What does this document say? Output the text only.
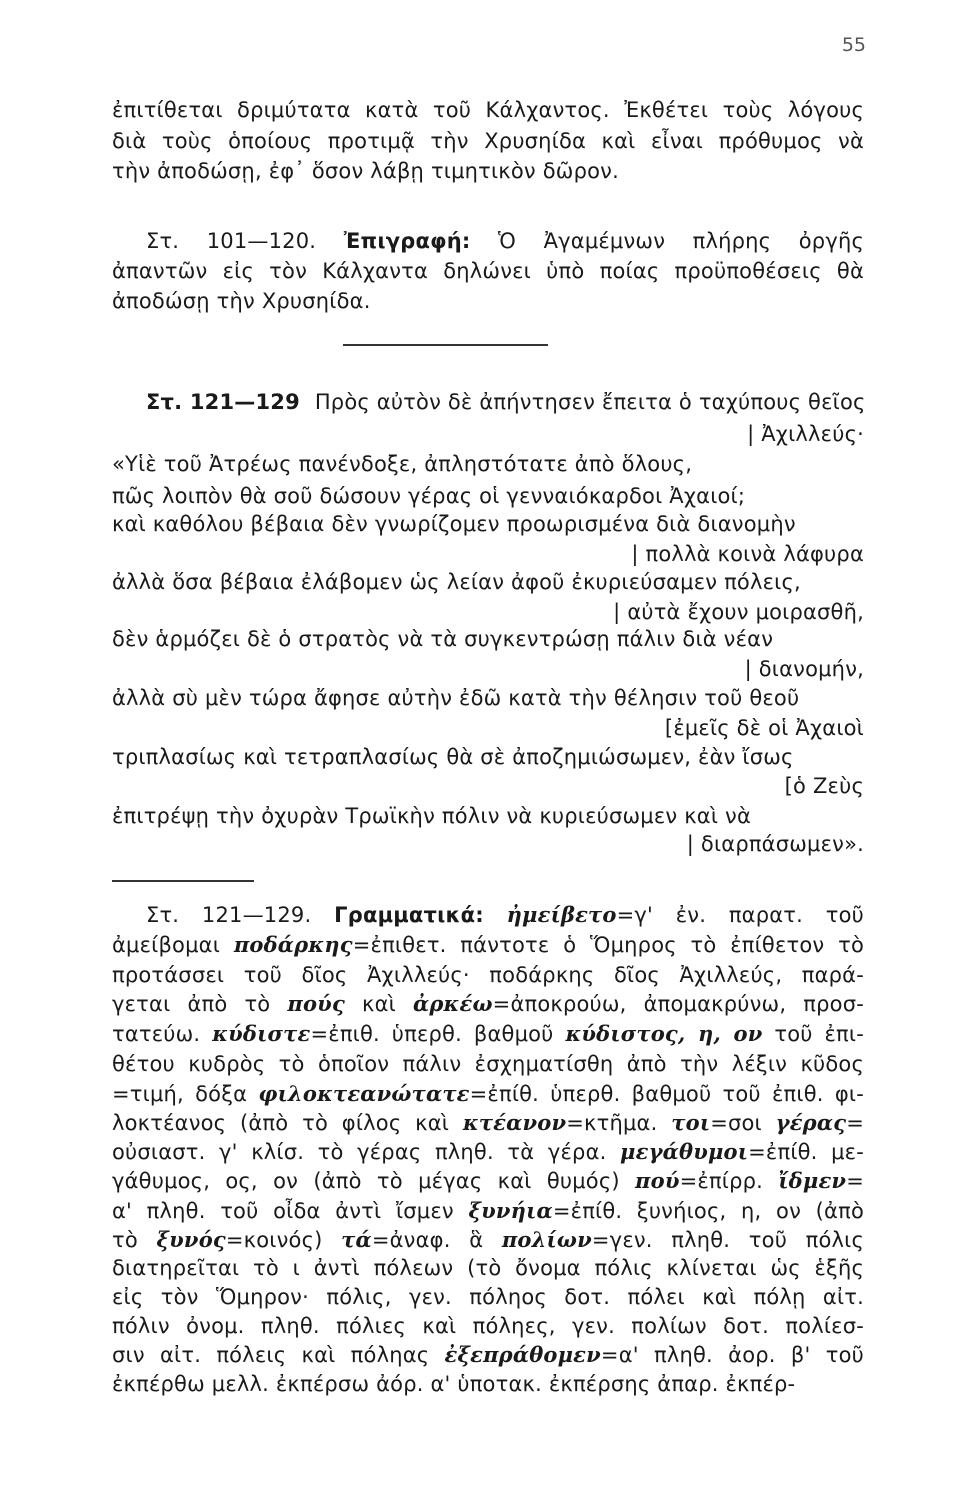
55
ἐπιτίθεται δριμύτατα κατὰ τοῦ Κάλχαντος. Ἐκθέτει τοὺς λόγους
διὰ τοὺς ὁποίους προτιμᾷ τὴν Χρυσηίδα καὶ εἶναι πρόθυμος νὰ
τὴν ἀποδώσῃ, ἐφ᾽ ὅσον λάβῃ τιμητικὸν δῶρον.
Στ. 101—120. Ἐπιγραφή: Ὁ Ἀγαμέμνων πλήρης ὀργῆς
ἀπαντῶν εἰς τὸν Κάλχαντα δηλώνει ὑπὸ ποίας προϋποθέσεις θὰ
ἀποδώσῃ τὴν Χρυσηίδα.
Στ. 121—129 Πρὸς αὐτὸν δὲ ἀπήντησεν ἔπειτα ὁ ταχύπους θεῖος
| Ἀχιλλεύς·
«Υἱὲ τοῦ Ἀτρέως πανένδοξε, ἀπληστότατε ἀπὸ ὅλους,
πῶς λοιπὸν θὰ σοῦ δώσουν γέρας οἱ γενναιόκαρδοι Ἀχαιοί;
καὶ καθόλου βέβαια δὲν γνωρίζομεν προωρισμένα διὰ διανομὴν
| πολλὰ κοινὰ λάφυρα
ἀλλὰ ὅσα βέβαια ἐλάβομεν ὡς λείαν ἀφοῦ ἐκυριεύσαμεν πόλεις,
| αὐτὰ ἔχουν μοιρασθῆ,
δὲν ἁρμόζει δὲ ὁ στρατὸς νὰ τὰ συγκεντρώσῃ πάλιν διὰ νέαν
| διανομήν,
ἀλλὰ σὺ μὲν τώρα ἄφησε αὐτὴν ἐδῶ κατὰ τὴν θέλησιν τοῦ θεοῦ
[ἐμεῖς δὲ οἱ Ἀχαιοὶ
τριπλασίως καὶ τετραπλασίως θὰ σὲ ἀποζημιώσωμεν, ἐὰν ἴσως
[ὁ Ζεὺς
ἐπιτρέψῃ τὴν ὀχυρὰν Τρωϊκὴν πόλιν νὰ κυριεύσωμεν καὶ νὰ
| διαρπάσωμεν».
Στ. 121—129. Γραμματικά: ἠμείβετο=γ' ἐν. παρατ. τοῦ
ἀμείβομαι ποδάρκης=ἐπιθετ. πάντοτε ὁ Ὅμηρος τὸ ἐπίθετον τὸ
προτάσσει τοῦ δῖος Ἀχιλλεύς· ποδάρκης δῖος Ἀχιλλεύς, παρά-
γεται ἀπὸ τὸ πούς καὶ ἀρκέω=ἀποκρούω, ἀπομακρύνω, προσ-
τατεύω. κύδιστε=ἐπιθ. ὑπερθ. βαθμοῦ κύδιστος, η, ον τοῦ ἐπι-
θέτου κυδρὸς τὸ ὁποῖον πάλιν ἐσχηματίσθη ἀπὸ τὴν λέξιν κῦδος
=τιμή, δόξα φιλοκτεανώτατε=ἐπίθ. ὑπερθ. βαθμοῦ τοῦ ἐπιθ. φι-
λοκτέανος (ἀπὸ τὸ φίλος καὶ κτέανον=κτῆμα. τοι=σοι γέρας=
οὐσιαστ. γ' κλίσ. τὸ γέρας πληθ. τὰ γέρα. μεγάθυμοι=ἐπίθ. με-
γάθυμος, ος, ον (ἀπὸ τὸ μέγας καὶ θυμός) πού=ἐπίρρ. ἴδμεν=
α' πληθ. τοῦ οἶδα ἀντὶ ἴσμεν ξυνήια=ἐπίθ. ξυνήιος, η, ον (ἀπὸ
τὸ ξυνός=κοινός) τά=ἀναφ. ἃ πολίων=γεν. πληθ. τοῦ πόλις
διατηρεῖται τὸ ι ἀντὶ πόλεων (τὸ ὄνομα πόλις κλίνεται ὡς ἑξῆς
εἰς τὸν Ὅμηρον· πόλις, γεν. πόληος δοτ. πόλει καὶ πόλῃ αἰτ.
πόλιν ὀνομ. πληθ. πόλιες καὶ πόληες, γεν. πολίων δοτ. πολίεσ-
σιν αἰτ. πόλεις καὶ πόληας ἐξεπράθομεν=α' πληθ. ἀορ. β' τοῦ
ἐκπέρθω μελλ. ἐκπέρσω ἀόρ. α' ὑποτακ. ἐκπέρσης ἀπαρ. ἐκπέρ-
